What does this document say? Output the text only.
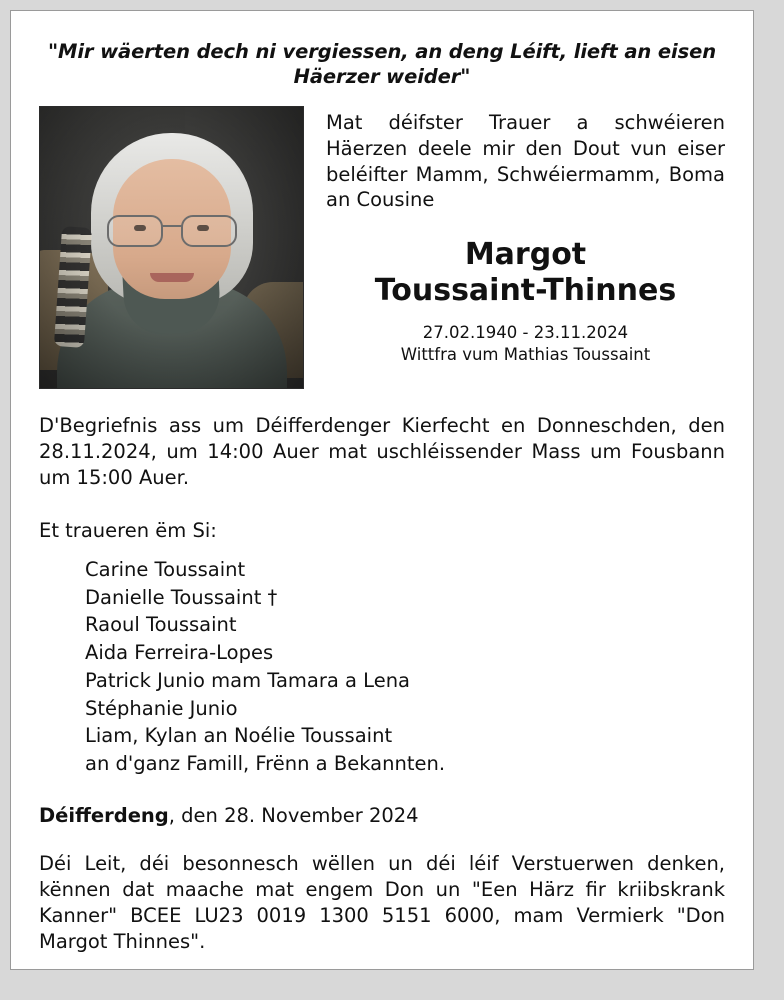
"Mir wäerten dech ni vergiessen, an deng Léift, lieft an eisen Häerzer weider"

Mat déifster Trauer a schwéieren Häerzen deele mir den Dout vun eiser beléifter Mamm, Schwéiermamm, Boma an Cousine

Margot
Toussaint-Thinnes

27.02.1940 - 23.11.2024

Wittfra vum Mathias Toussaint

D'Begriefnis ass um Déifferdenger Kierfecht en Donneschden, den 28.11.2024, um 14:00 Auer mat uschléissender Mass um Fousbann um 15:00 Auer.

Et traueren ëm Si:

Carine Toussaint
Danielle Toussaint †
Raoul Toussaint
Aida Ferreira-Lopes
Patrick Junio mam Tamara a Lena
Stéphanie Junio
Liam, Kylan an Noélie Toussaint
an d'ganz Famill, Frënn a Bekannten.

Déifferdeng, den 28. November 2024

Déi Leit, déi besonnesch wëllen un déi léif Verstuerwen denken, kënnen dat maache mat engem Don un "Een Härz fir kriibskrank Kanner" BCEE LU23 0019 1300 5151 6000, mam Vermierk "Don Margot Thinnes".
